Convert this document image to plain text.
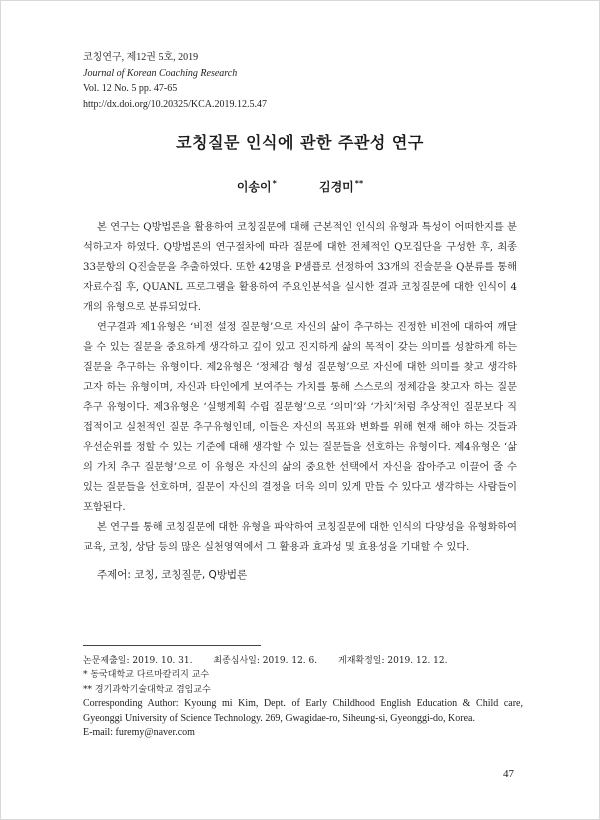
코칭연구, 제12권 5호, 2019
Journal of Korean Coaching Research
Vol. 12 No. 5 pp. 47-65
http://dx.doi.org/10.20325/KCA.2019.12.5.47
코칭질문 인식에 관한 주관성 연구
이송이*	김경미**

본 연구는 Q방법론을 활용하여 코칭질문에 대해 근본적인 인식의 유형과 특성이 어떠한지를 분석하고자 하였다. Q방법론의 연구절차에 따라 질문에 대한 전체적인 Q모집단을 구성한 후, 최종 33문항의 Q진술문을 추출하였다. 또한 42명을 P샘플로 선정하여 33개의 진술문을 Q분류를 통해 자료수집 후, QUANL 프로그램을 활용하여 주요인분석을 실시한 결과 코칭질문에 대한 인식이 4개의 유형으로 분류되었다.

연구결과 제1유형은 ‘비전 설정 질문형’으로 자신의 삶이 추구하는 진정한 비전에 대하여 깨달을 수 있는 질문을 중요하게 생각하고 깊이 있고 진지하게 삶의 목적이 갖는 의미를 성찰하게 하는 질문을 추구하는 유형이다. 제2유형은 ‘정체감 형성 질문형’으로 자신에 대한 의미를 찾고 생각하고자 하는 유형이며, 자신과 타인에게 보여주는 가치를 통해 스스로의 정체감을 찾고자 하는 질문 추구 유형이다. 제3유형은 ‘실행계획 수립 질문형’으로 ‘의미’와 ‘가치’처럼 추상적인 질문보다 직접적이고 실천적인 질문 추구유형인데, 이들은 자신의 목표와 변화를 위해 현재 해야 하는 것들과 우선순위를 정할 수 있는 기준에 대해 생각할 수 있는 질문들을 선호하는 유형이다. 제4유형은 ‘삶의 가치 추구 질문형’으로 이 유형은 자신의 삶의 중요한 선택에서 자신을 잡아주고 이끌어 줄 수 있는 질문들을 선호하며, 질문이 자신의 결정을 더욱 의미 있게 만들 수 있다고 생각하는 사람들이 포함된다.

본 연구를 통해 코칭질문에 대한 유형을 파악하여 코칭질문에 대한 인식의 다양성을 유형화하여 교육, 코칭, 상담 등의 많은 실천영역에서 그 활용과 효과성 및 효용성을 기대할 수 있다.

주제어: 코칭, 코칭질문, Q방법론
논문제출일: 2019. 10. 31. 최종심사일: 2019. 12. 6. 게재확정일: 2019. 12. 12.
* 동국대학교 다르마칼리지 교수
** 경기과학기술대학교 겸임교수
Corresponding Author: Kyoung mi Kim, Dept. of Early Childhood English Education & Child care, Gyeonggi University of Science Technology. 269, Gwagidae-ro, Siheung-si, Gyeonggi-do, Korea.
E-mail: furemy@naver.com
47
